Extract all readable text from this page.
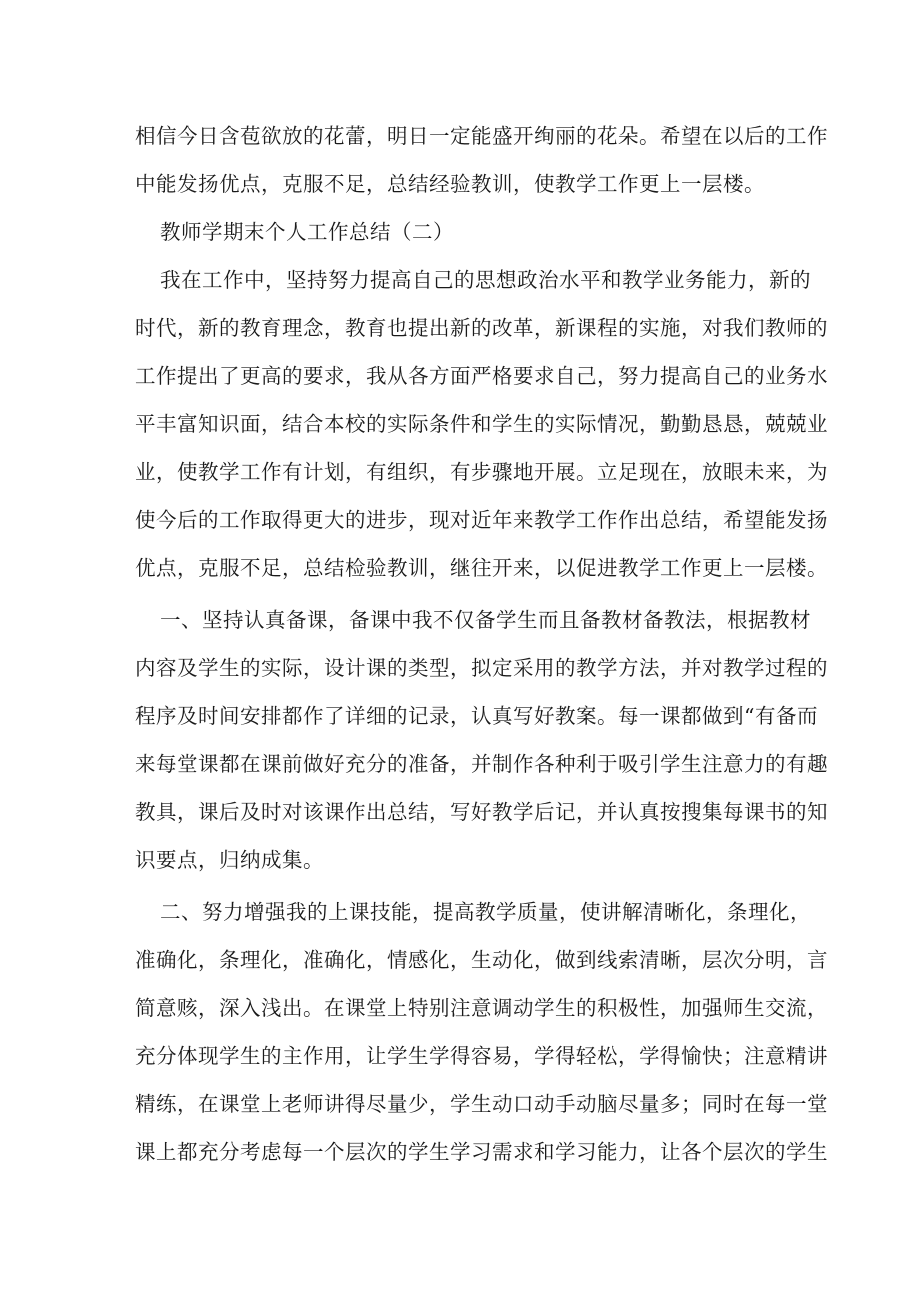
相信今日含苞欲放的花蕾，明日一定能盛开绚丽的花朵。希望在以后的工作
中能发扬优点，克服不足，总结经验教训，使教学工作更上一层楼。
教师学期末个人工作总结（二）
我在工作中，坚持努力提高自己的思想政治水平和教学业务能力，新的
时代，新的教育理念，教育也提出新的改革，新课程的实施，对我们教师的
工作提出了更高的要求，我从各方面严格要求自己，努力提高自己的业务水
平丰富知识面，结合本校的实际条件和学生的实际情况，勤勤恳恳，兢兢业
业，使教学工作有计划，有组织，有步骤地开展。立足现在，放眼未来，为
使今后的工作取得更大的进步，现对近年来教学工作作出总结，希望能发扬
优点，克服不足，总结检验教训，继往开来，以促进教学工作更上一层楼。
一、坚持认真备课，备课中我不仅备学生而且备教材备教法，根据教材
内容及学生的实际，设计课的类型，拟定采用的教学方法，并对教学过程的
程序及时间安排都作了详细的记录，认真写好教案。每一课都做到“有备而
来每堂课都在课前做好充分的准备，并制作各种利于吸引学生注意力的有趣
教具，课后及时对该课作出总结，写好教学后记，并认真按搜集每课书的知
识要点，归纳成集。
二、努力增强我的上课技能，提高教学质量，使讲解清晰化，条理化，
准确化，条理化，准确化，情感化，生动化，做到线索清晰，层次分明，言
简意赅，深入浅出。在课堂上特别注意调动学生的积极性，加强师生交流，
充分体现学生的主作用，让学生学得容易，学得轻松，学得愉快；注意精讲
精练，在课堂上老师讲得尽量少，学生动口动手动脑尽量多；同时在每一堂
课上都充分考虑每一个层次的学生学习需求和学习能力，让各个层次的学生
